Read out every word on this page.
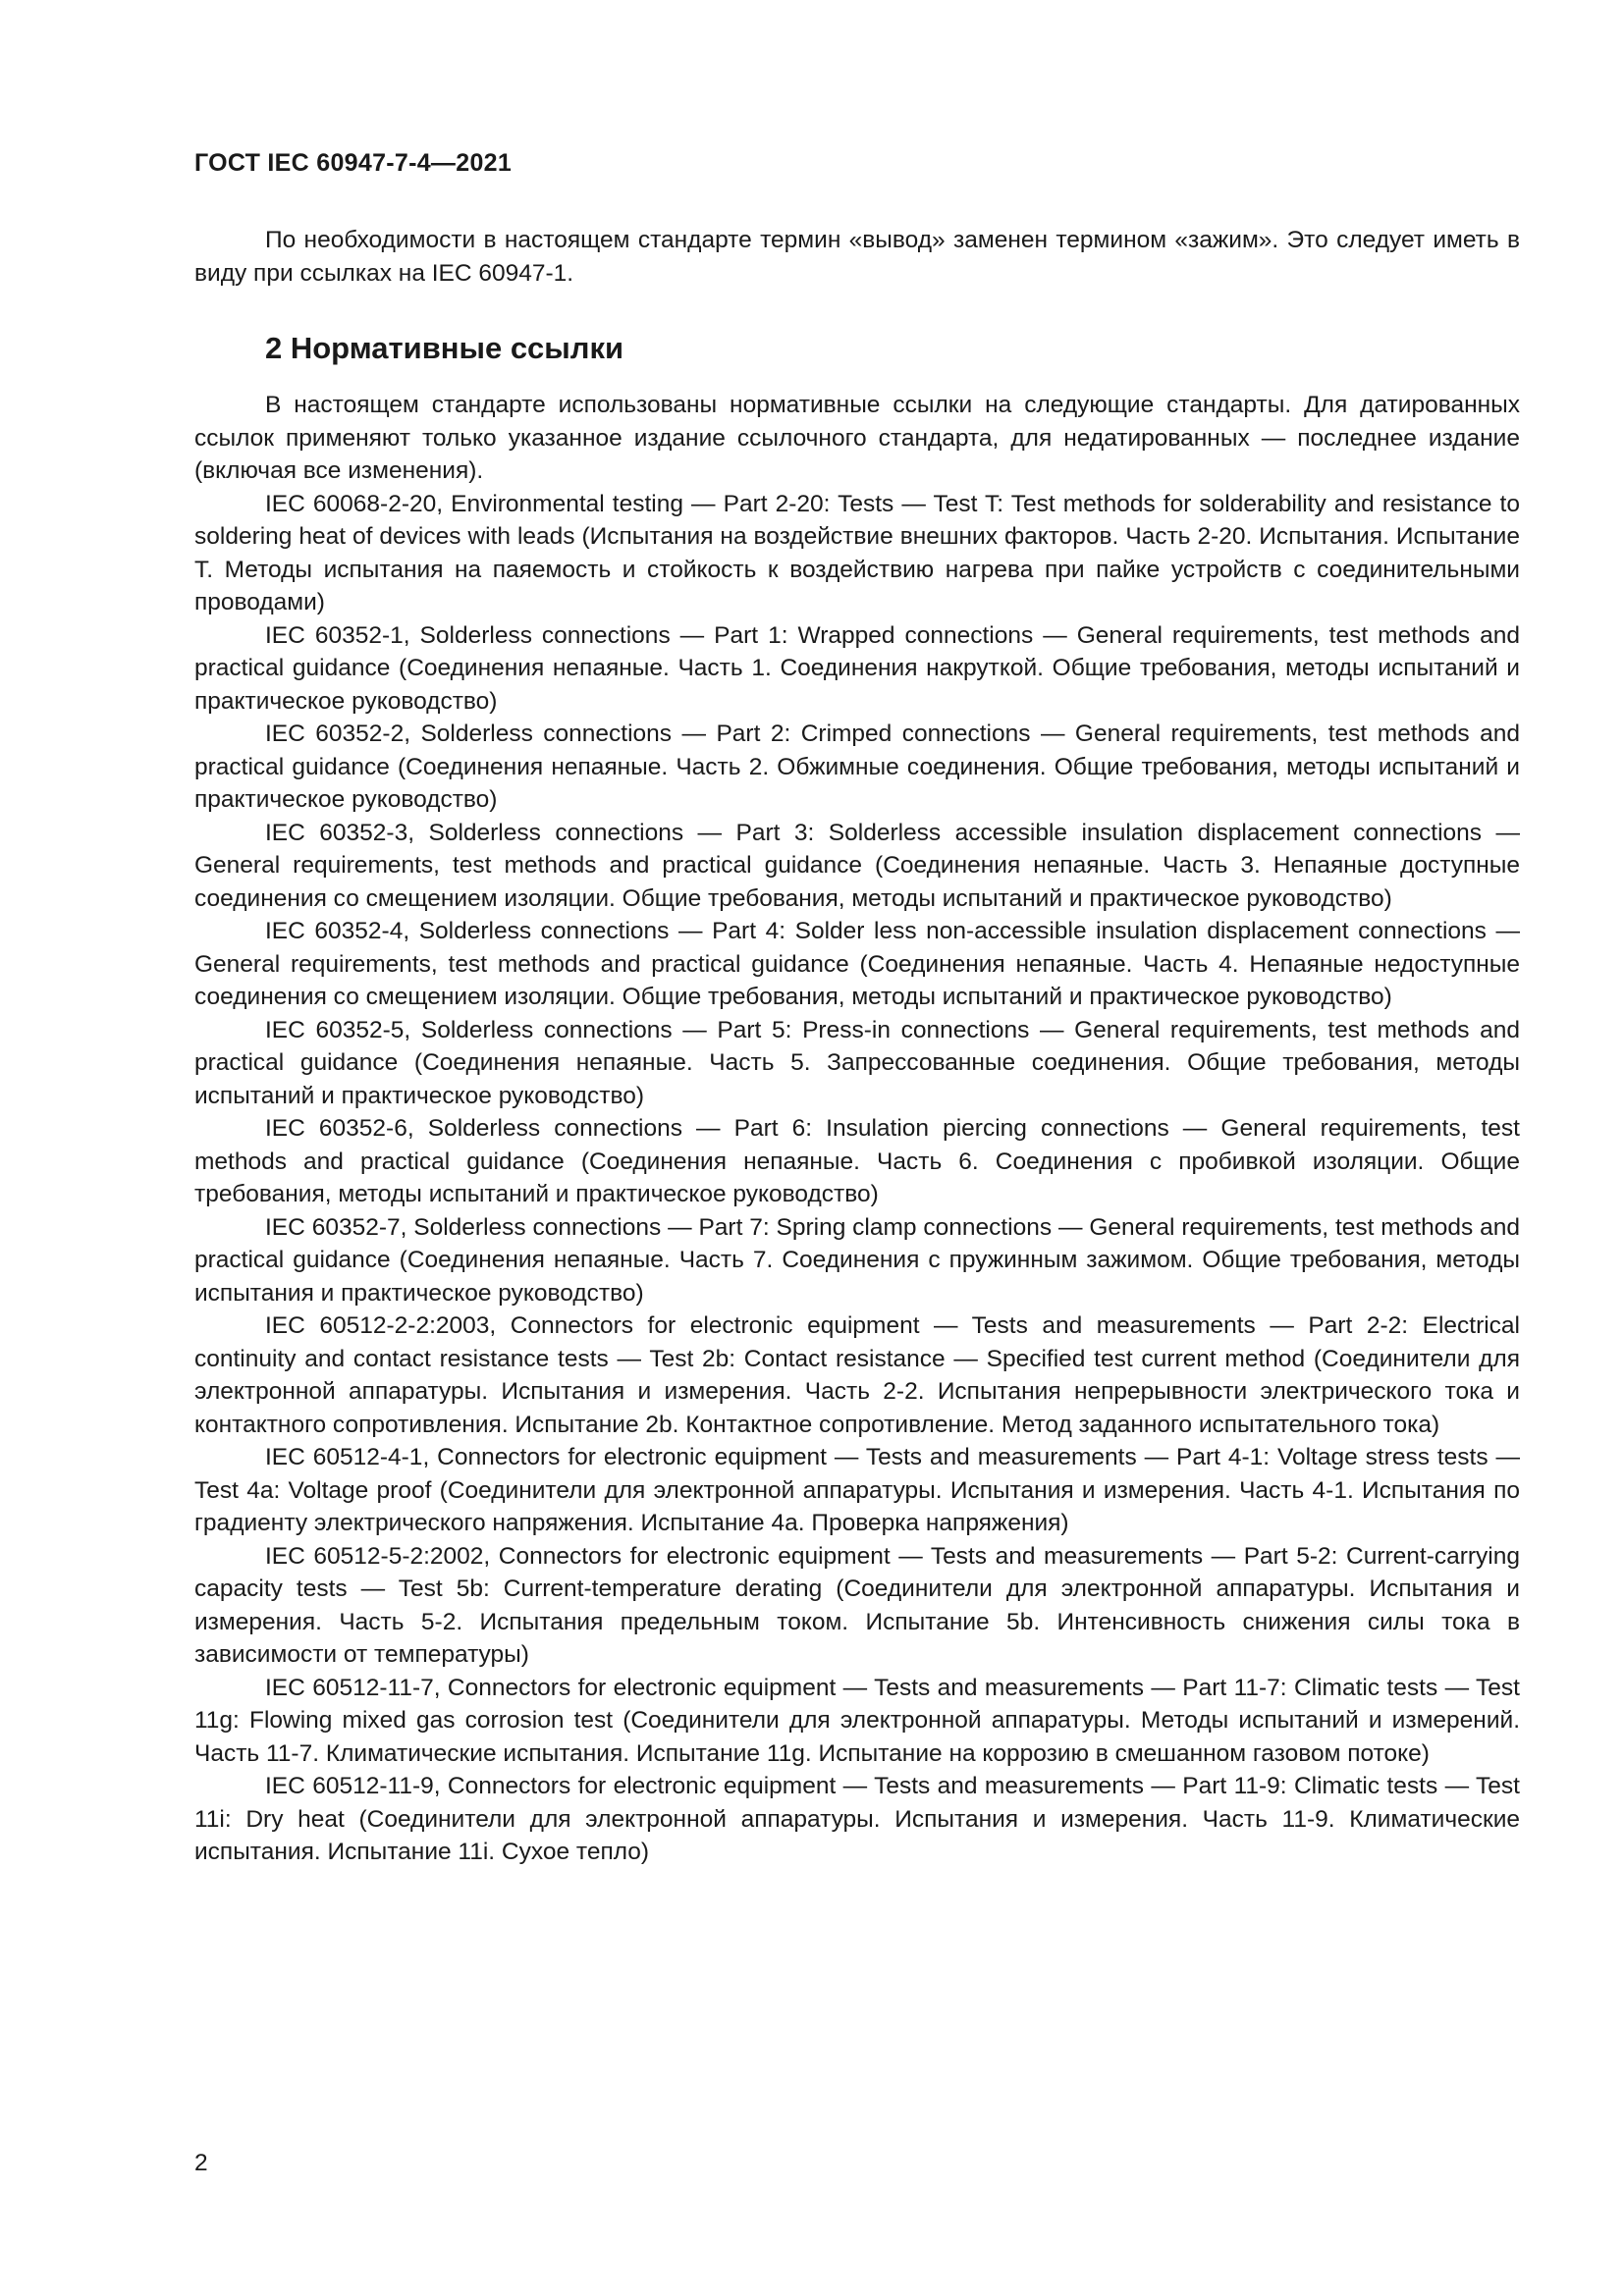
ГОСТ IEC 60947-7-4—2021

По необходимости в настоящем стандарте термин «вывод» заменен термином «зажим». Это следует иметь в виду при ссылках на IEC 60947-1.

2 Нормативные ссылки

В настоящем стандарте использованы нормативные ссылки на следующие стандарты. Для датированных ссылок применяют только указанное издание ссылочного стандарта, для недатированных — последнее издание (включая все изменения).

IEC 60068-2-20, Environmental testing — Part 2-20: Tests — Test T: Test methods for solderability and resistance to soldering heat of devices with leads (Испытания на воздействие внешних факторов. Часть 2-20. Испытания. Испытание Т. Методы испытания на паяемость и стойкость к воздействию нагрева при пайке устройств с соединительными проводами)

IEC 60352-1, Solderless connections — Part 1: Wrapped connections — General requirements, test methods and practical guidance (Соединения непаяные. Часть 1. Соединения накруткой. Общие требования, методы испытаний и практическое руководство)

IEC 60352-2, Solderless connections — Part 2: Crimped connections — General requirements, test methods and practical guidance (Соединения непаяные. Часть 2. Обжимные соединения. Общие требования, методы испытаний и практическое руководство)

IEC 60352-3, Solderless connections — Part 3: Solderless accessible insulation displacement connections — General requirements, test methods and practical guidance (Соединения непаяные. Часть 3. Непаяные доступные соединения со смещением изоляции. Общие требования, методы испытаний и практическое руководство)

IEC 60352-4, Solderless connections — Part 4: Solder less non-accessible insulation displacement connections — General requirements, test methods and practical guidance (Соединения непаяные. Часть 4. Непаяные недоступные соединения со смещением изоляции. Общие требования, методы испытаний и практическое руководство)

IEC 60352-5, Solderless connections — Part 5: Press-in connections — General requirements, test methods and practical guidance (Соединения непаяные. Часть 5. Запрессованные соединения. Общие требования, методы испытаний и практическое руководство)

IEC 60352-6, Solderless connections — Part 6: Insulation piercing connections — General requirements, test methods and practical guidance (Соединения непаяные. Часть 6. Соединения с пробивкой изоляции. Общие требования, методы испытаний и практическое руководство)

IEC 60352-7, Solderless connections — Part 7: Spring clamp connections — General requirements, test methods and practical guidance (Соединения непаяные. Часть 7. Соединения с пружинным зажимом. Общие требования, методы испытания и практическое руководство)

IEC 60512-2-2:2003, Connectors for electronic equipment — Tests and measurements — Part 2-2: Electrical continuity and contact resistance tests — Test 2b: Contact resistance — Specified test current method (Соединители для электронной аппаратуры. Испытания и измерения. Часть 2-2. Испытания непрерывности электрического тока и контактного сопротивления. Испытание 2b. Контактное сопротивление. Метод заданного испытательного тока)

IEC 60512-4-1, Connectors for electronic equipment — Tests and measurements — Part 4-1: Voltage stress tests — Test 4a: Voltage proof (Соединители для электронной аппаратуры. Испытания и измерения. Часть 4-1. Испытания по градиенту электрического напряжения. Испытание 4a. Проверка напряжения)

IEC 60512-5-2:2002, Connectors for electronic equipment — Tests and measurements — Part 5-2: Current-carrying capacity tests — Test 5b: Current-temperature derating (Соединители для электронной аппаратуры. Испытания и измерения. Часть 5-2. Испытания предельным током. Испытание 5b. Интенсивность снижения силы тока в зависимости от температуры)

IEC 60512-11-7, Connectors for electronic equipment — Tests and measurements — Part 11-7: Climatic tests — Test 11g: Flowing mixed gas corrosion test (Соединители для электронной аппаратуры. Методы испытаний и измерений. Часть 11-7. Климатические испытания. Испытание 11g. Испытание на коррозию в смешанном газовом потоке)

IEC 60512-11-9, Connectors for electronic equipment — Tests and measurements — Part 11-9: Climatic tests — Test 11i: Dry heat (Соединители для электронной аппаратуры. Испытания и измерения. Часть 11-9. Климатические испытания. Испытание 11i. Сухое тепло)

2
